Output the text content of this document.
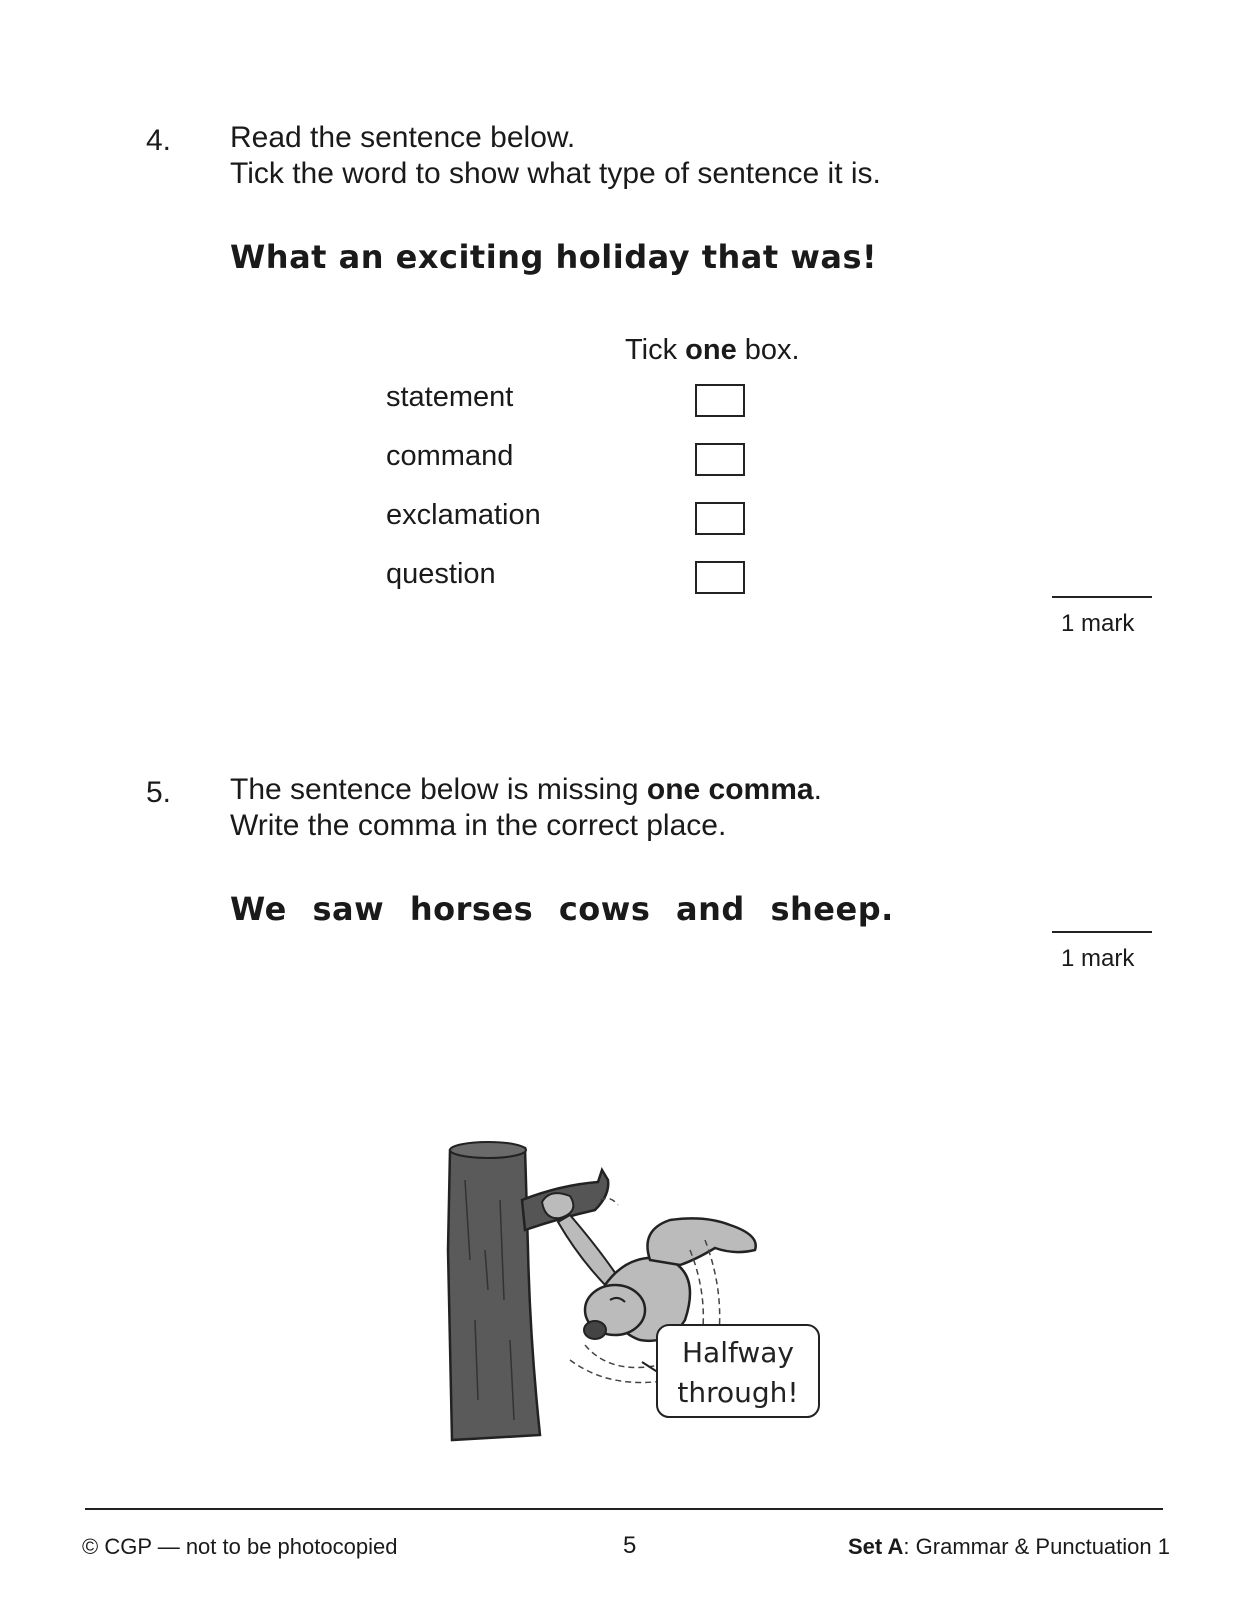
4. Read the sentence below.
Tick the word to show what type of sentence it is.
What an exciting holiday that was!
Tick one box.
statement
command
exclamation
question
1 mark
5. The sentence below is missing one comma.
Write the comma in the correct place.
We saw horses cows and sheep.
1 mark
Halfway
through!
© CGP — not to be photocopied	5	Set A: Grammar & Punctuation 1
